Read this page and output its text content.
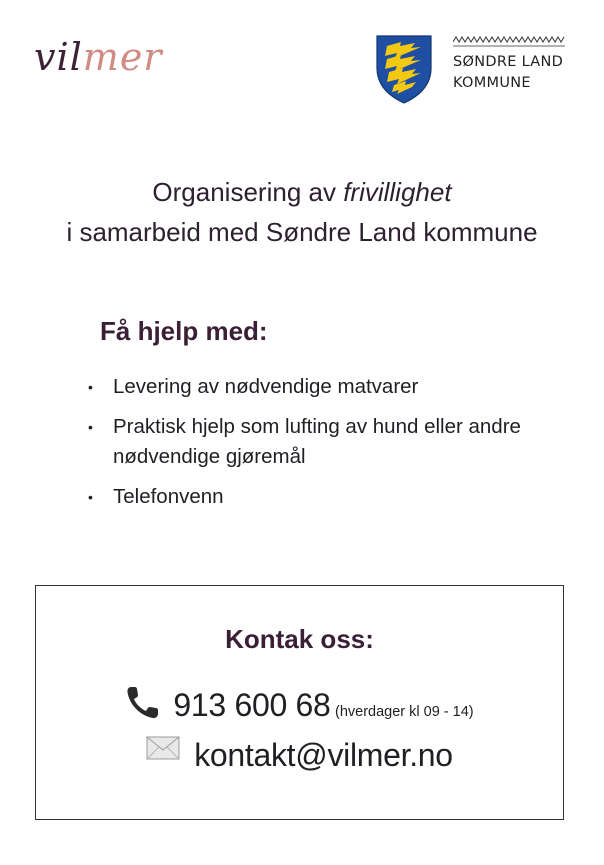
vilmer	SØNDRE LAND
KOMMUNE
Organisering av frivillighet
i samarbeid med Søndre Land kommune
Få hjelp med:
• Levering av nødvendige matvarer
• Praktisk hjelp som lufting av hund eller andre nødvendige gjøremål
• Telefonvenn
Kontak oss:
913 600 68 (hverdager kl 09 - 14)
kontakt@vilmer.no
